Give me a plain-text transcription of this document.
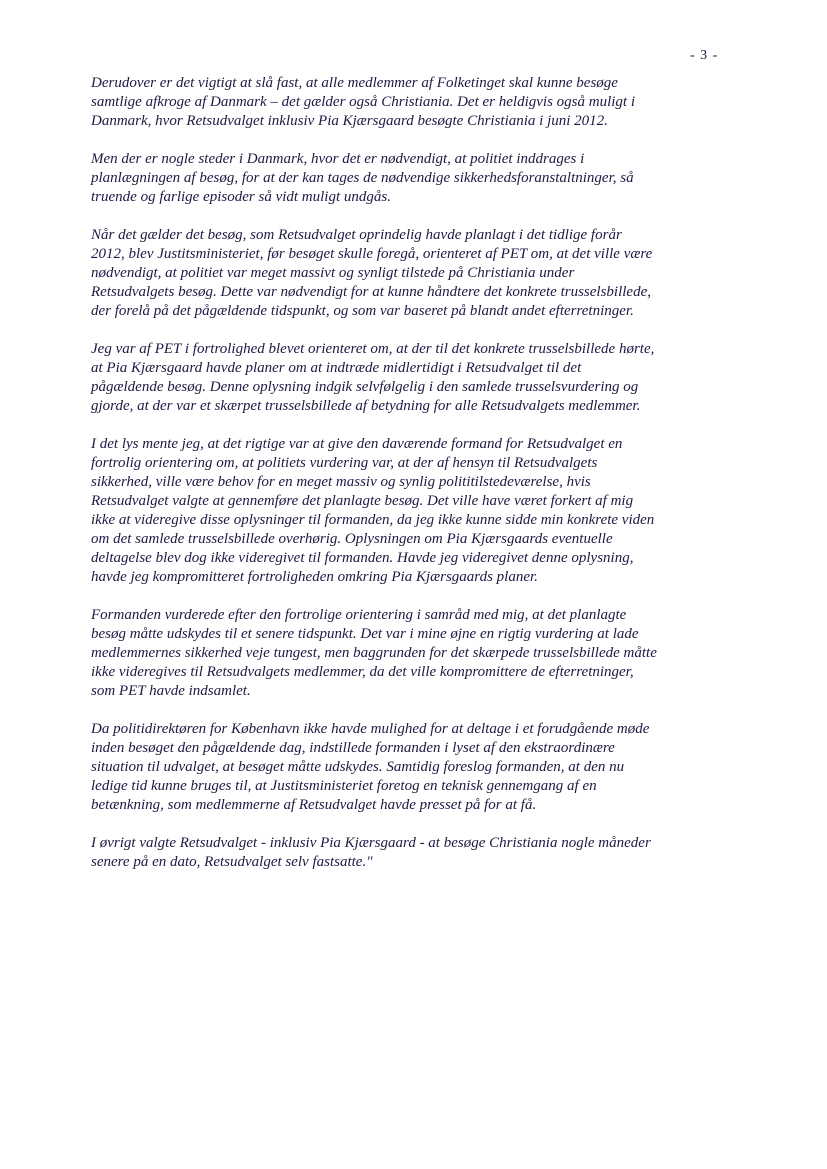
- 3 -

Derudover er det vigtigt at slå fast, at alle medlemmer af Folketinget skal kunne besøge
samtlige afkroge af Danmark – det gælder også Christiania. Det er heldigvis også muligt i
Danmark, hvor Retsudvalget inklusiv Pia Kjærsgaard besøgte Christiania i juni 2012.

Men der er nogle steder i Danmark, hvor det er nødvendigt, at politiet inddrages i
planlægningen af besøg, for at der kan tages de nødvendige sikkerhedsforanstaltninger, så
truende og farlige episoder så vidt muligt undgås.

Når det gælder det besøg, som Retsudvalget oprindelig havde planlagt i det tidlige forår
2012, blev Justitsministeriet, før besøget skulle foregå, orienteret af PET om, at det ville være
nødvendigt, at politiet var meget massivt og synligt tilstede på Christiania under
Retsudvalgets besøg. Dette var nødvendigt for at kunne håndtere det konkrete trusselsbillede,
der forelå på det pågældende tidspunkt, og som var baseret på blandt andet efterretninger.

Jeg var af PET i fortrolighed blevet orienteret om, at der til det konkrete trusselsbillede hørte,
at Pia Kjærsgaard havde planer om at indtræde midlertidigt i Retsudvalget til det
pågældende besøg. Denne oplysning indgik selvfølgelig i den samlede trusselsvurdering og
gjorde, at der var et skærpet trusselsbillede af betydning for alle Retsudvalgets medlemmer.

I det lys mente jeg, at det rigtige var at give den daværende formand for Retsudvalget en
fortrolig orientering om, at politiets vurdering var, at der af hensyn til Retsudvalgets
sikkerhed, ville være behov for en meget massiv og synlig polititilstedeværelse, hvis
Retsudvalget valgte at gennemføre det planlagte besøg. Det ville have været forkert af mig
ikke at videregive disse oplysninger til formanden, da jeg ikke kunne sidde min konkrete viden
om det samlede trusselsbillede overhørig. Oplysningen om Pia Kjærsgaards eventuelle
deltagelse blev dog ikke videregivet til formanden. Havde jeg videregivet denne oplysning,
havde jeg kompromitteret fortroligheden omkring Pia Kjærsgaards planer.

Formanden vurderede efter den fortrolige orientering i samråd med mig, at det planlagte
besøg måtte udskydes til et senere tidspunkt. Det var i mine øjne en rigtig vurdering at lade
medlemmernes sikkerhed veje tungest, men baggrunden for det skærpede trusselsbillede måtte
ikke videregives til Retsudvalgets medlemmer, da det ville kompromittere de efterretninger,
som PET havde indsamlet.

Da politidirektøren for København ikke havde mulighed for at deltage i et forudgående møde
inden besøget den pågældende dag, indstillede formanden i lyset af den ekstraordinære
situation til udvalget, at besøget måtte udskydes. Samtidig foreslog formanden, at den nu
ledige tid kunne bruges til, at Justitsministeriet foretog en teknisk gennemgang af en
betænkning, som medlemmerne af Retsudvalget havde presset på for at få.

I øvrigt valgte Retsudvalget - inklusiv Pia Kjærsgaard - at besøge Christiania nogle måneder
senere på en dato, Retsudvalget selv fastsatte."
